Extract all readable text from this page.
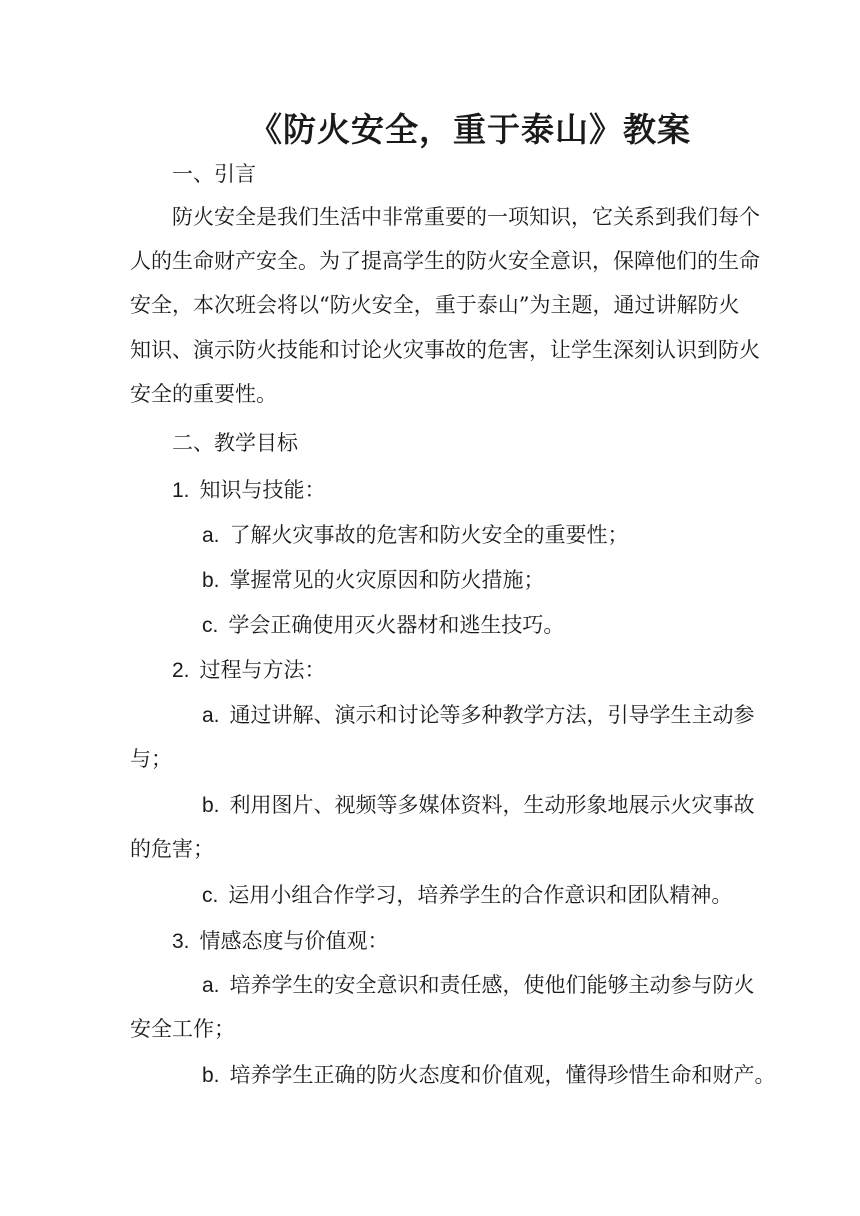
《防火安全，重于泰山》教案
一、引言
防火安全是我们生活中非常重要的一项知识，它关系到我们每个
人的生命财产安全。为了提高学生的防火安全意识，保障他们的生命
安全，本次班会将以“防火安全，重于泰山”为主题，通过讲解防火
知识、演示防火技能和讨论火灾事故的危害，让学生深刻认识到防火
安全的重要性。
二、教学目标
1. 知识与技能：
a. 了解火灾事故的危害和防火安全的重要性；
b. 掌握常见的火灾原因和防火措施；
c. 学会正确使用灭火器材和逃生技巧。
2. 过程与方法：
a. 通过讲解、演示和讨论等多种教学方法，引导学生主动参
与；
b. 利用图片、视频等多媒体资料，生动形象地展示火灾事故
的危害；
c. 运用小组合作学习，培养学生的合作意识和团队精神。
3. 情感态度与价值观：
a. 培养学生的安全意识和责任感，使他们能够主动参与防火
安全工作；
b. 培养学生正确的防火态度和价值观，懂得珍惜生命和财产。
